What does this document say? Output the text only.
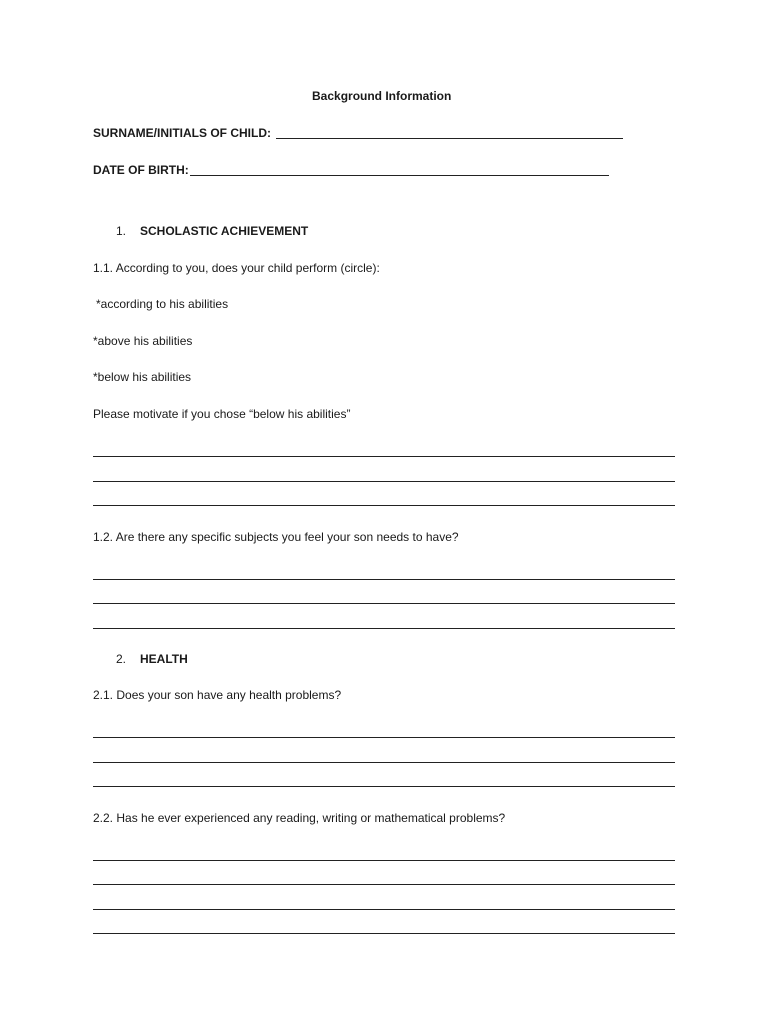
Background Information
SURNAME/INITIALS OF CHILD:
DATE OF BIRTH:
1. SCHOLASTIC ACHIEVEMENT
1.1. According to you, does your child perform (circle):
*according to his abilities
*above his abilities
*below his abilities
Please motivate if you chose “below his abilities”
1.2. Are there any specific subjects you feel your son needs to have?
2. HEALTH
2.1. Does your son have any health problems?
2.2. Has he ever experienced any reading, writing or mathematical problems?
